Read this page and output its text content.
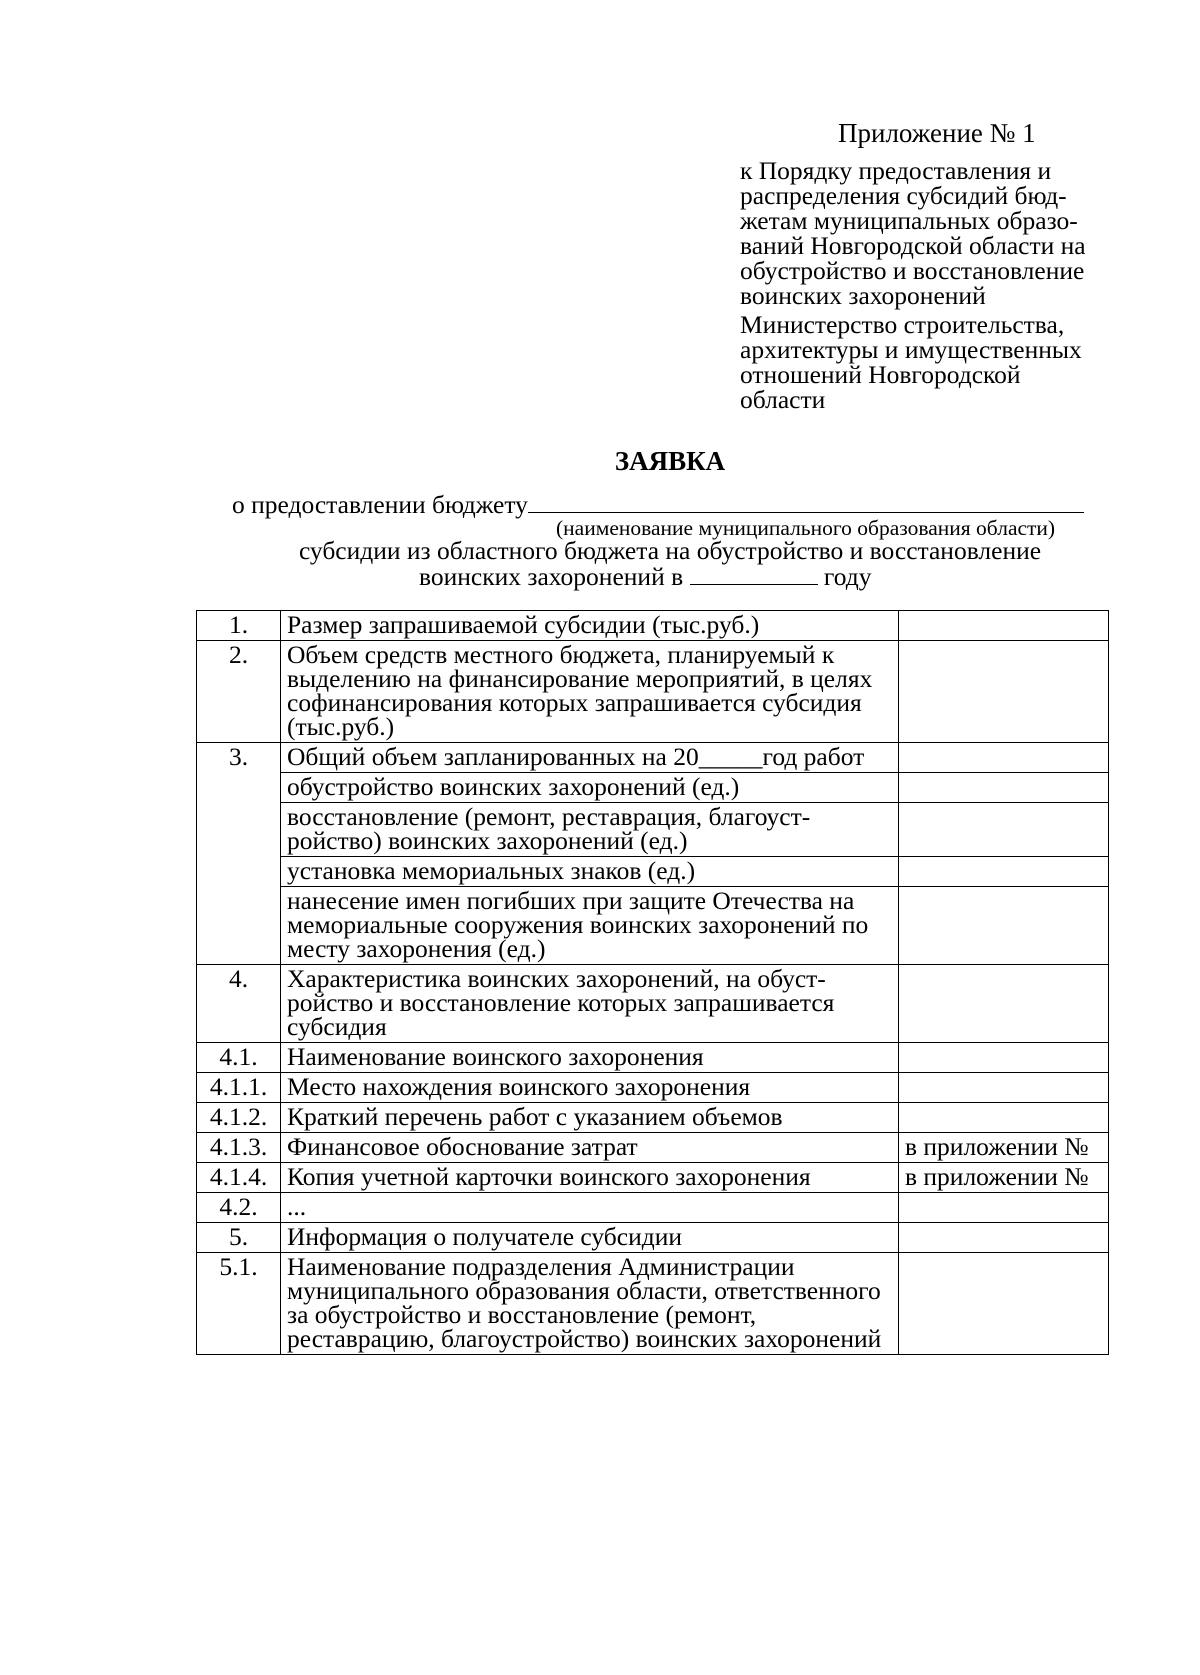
Приложение № 1
к Порядку предоставления и
распределения субсидий бюд-
жетам муниципальных образо-
ваний Новгородской области на
обустройство и восстановление
воинских захоронений
Министерство строительства,
архитектуры и имущественных
отношений Новгородской
области
ЗАЯВКА
о предоставлении бюджету
(наименование муниципального образования области)
субсидии из областного бюджета на обустройство и восстановление
воинских захоронений в	году
1.	Размер запрашиваемой субсидии (тыс.руб.)	
2.	Объем средств местного бюджета, планируемый к выделению на финансирование мероприятий, в целях софинансирования которых запрашивается субсидия (тыс.руб.)	
3.	Общий объем запланированных на 20_____год работ	
	обустройство воинских захоронений (ед.)	
	восстановление (ремонт, реставрация, благоустройство) воинских захоронений (ед.)	
	установка мемориальных знаков (ед.)	
	нанесение имен погибших при защите Отечества на мемориальные сооружения воинских захоронений по месту захоронения (ед.)	
4.	Характеристика воинских захоронений, на обустройство и восстановление которых запрашивается субсидия	
4.1.	Наименование воинского захоронения	
4.1.1.	Место нахождения воинского захоронения	
4.1.2.	Краткий перечень работ с указанием объемов	
4.1.3.	Финансовое обоснование затрат	в приложении №
4.1.4.	Копия учетной карточки воинского захоронения	в приложении №
4.2.	...	
5.	Информация о получателе субсидии	
5.1.	Наименование подразделения Администрации муниципального образования области, ответственного за обустройство и восстановление (ремонт, реставрацию, благоустройство) воинских захоронений	
